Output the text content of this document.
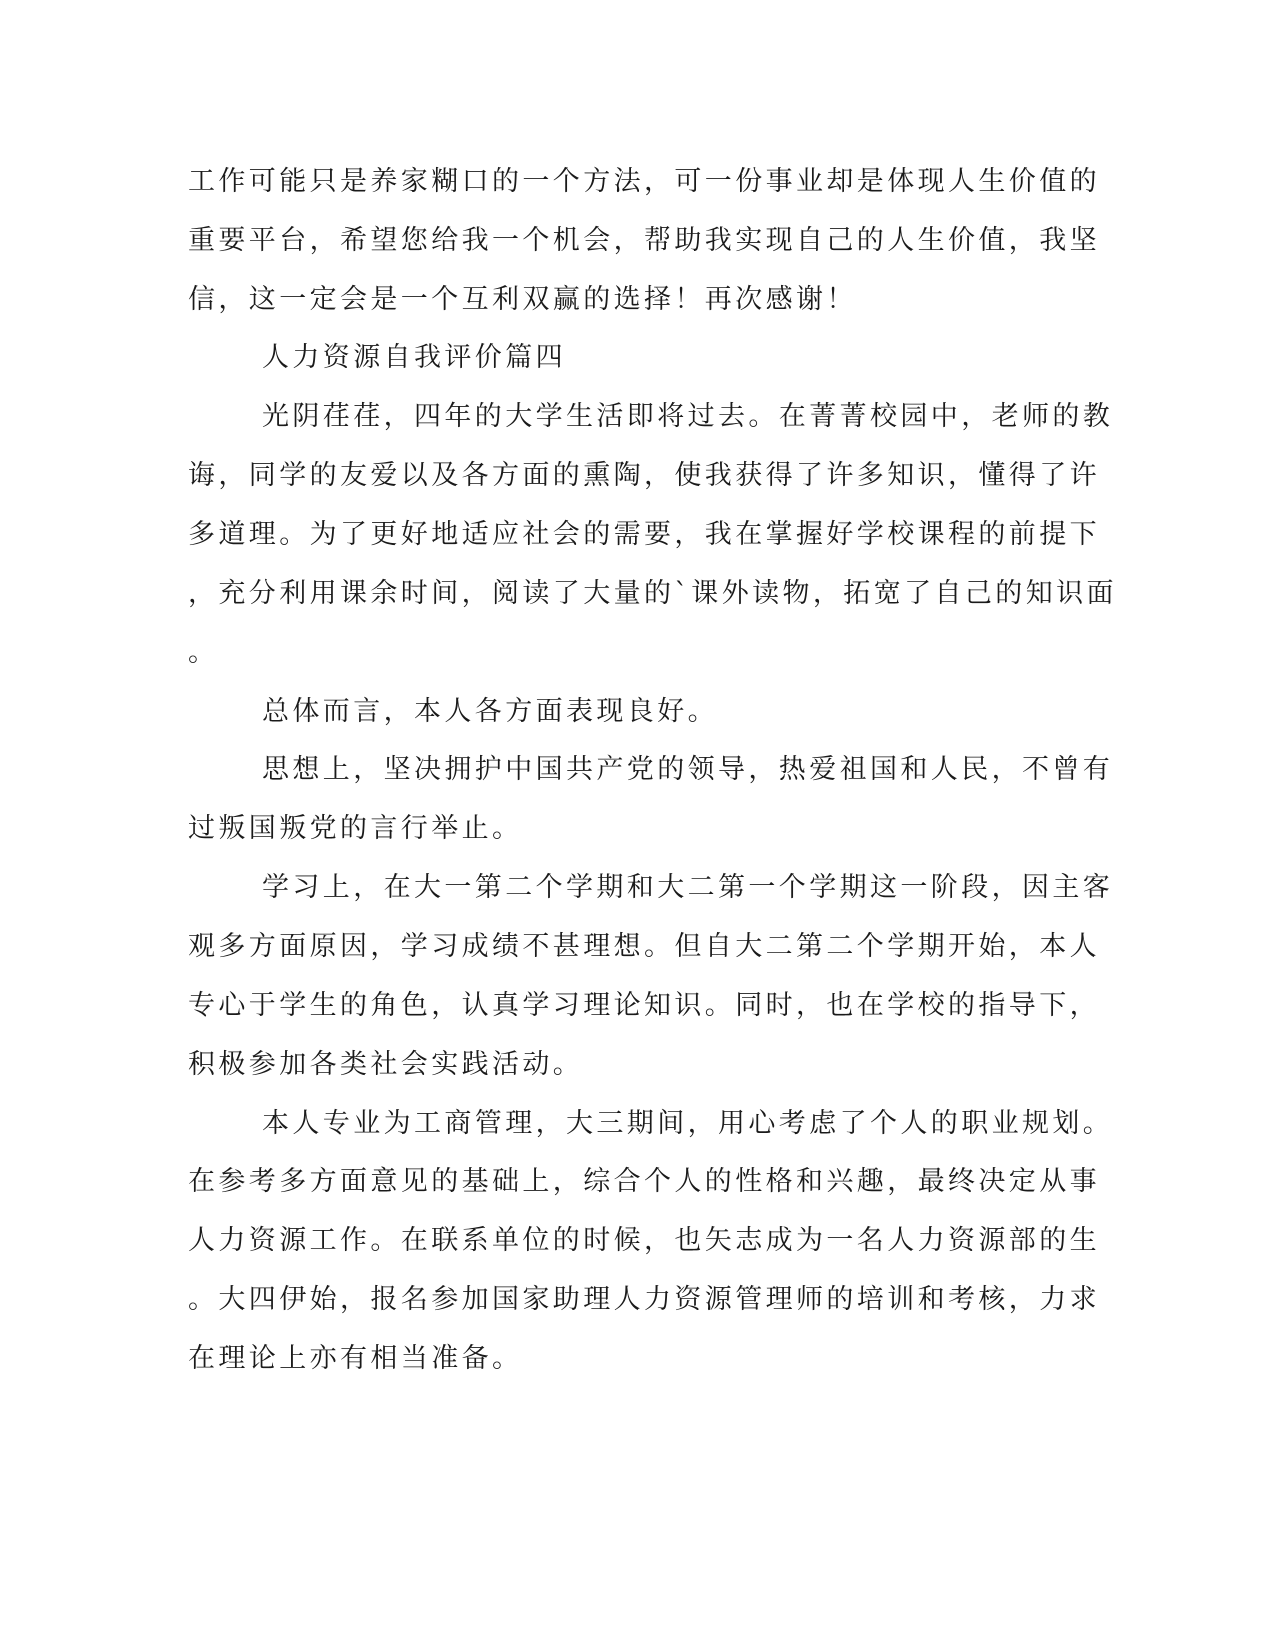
工作可能只是养家糊口的一个方法，可一份事业却是体现人生价值的
重要平台，希望您给我一个机会，帮助我实现自己的人生价值，我坚
信，这一定会是一个互利双赢的选择！再次感谢！
人力资源自我评价篇四
光阴荏荏，四年的大学生活即将过去。在菁菁校园中，老师的教
诲，同学的友爱以及各方面的熏陶，使我获得了许多知识，懂得了许
多道理。为了更好地适应社会的需要，我在掌握好学校课程的前提下
，充分利用课余时间，阅读了大量的`课外读物，拓宽了自己的知识面
。
总体而言，本人各方面表现良好。
思想上，坚决拥护中国共产党的领导，热爱祖国和人民，不曾有
过叛国叛党的言行举止。
学习上，在大一第二个学期和大二第一个学期这一阶段，因主客
观多方面原因，学习成绩不甚理想。但自大二第二个学期开始，本人
专心于学生的角色，认真学习理论知识。同时，也在学校的指导下，
积极参加各类社会实践活动。
本人专业为工商管理，大三期间，用心考虑了个人的职业规划。
在参考多方面意见的基础上，综合个人的性格和兴趣，最终决定从事
人力资源工作。在联系单位的时候，也矢志成为一名人力资源部的生
。大四伊始，报名参加国家助理人力资源管理师的培训和考核，力求
在理论上亦有相当准备。
